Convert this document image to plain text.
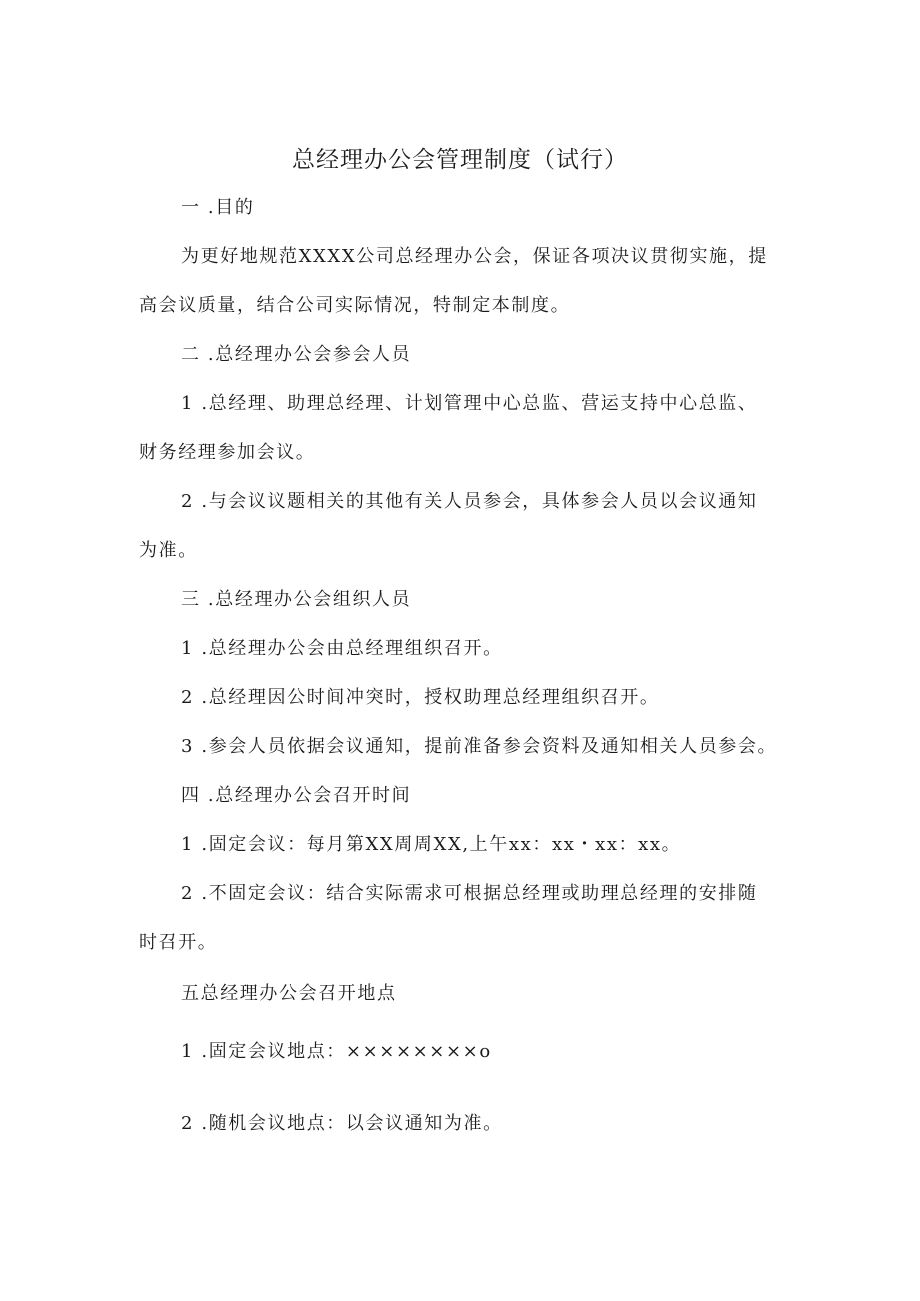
总经理办公会管理制度（试行）

一 .目的

为更好地规范XXXX公司总经理办公会，保证各项决议贯彻实施，提

高会议质量，结合公司实际情况，特制定本制度。

二 .总经理办公会参会人员

1 .总经理、助理总经理、计划管理中心总监、营运支持中心总监、

财务经理参加会议。

2 .与会议议题相关的其他有关人员参会，具体参会人员以会议通知

为准。

三 .总经理办公会组织人员

1 .总经理办公会由总经理组织召开。

2 .总经理因公时间冲突时，授权助理总经理组织召开。

3 .参会人员依据会议通知，提前准备参会资料及通知相关人员参会。

四 .总经理办公会召开时间

1 .固定会议：每月第XX周周XX,上午xx：xx・xx：xx。

2 .不固定会议：结合实际需求可根据总经理或助理总经理的安排随

时召开。

五总经理办公会召开地点

1 .固定会议地点：××××××××o

2 .随机会议地点：以会议通知为准。
